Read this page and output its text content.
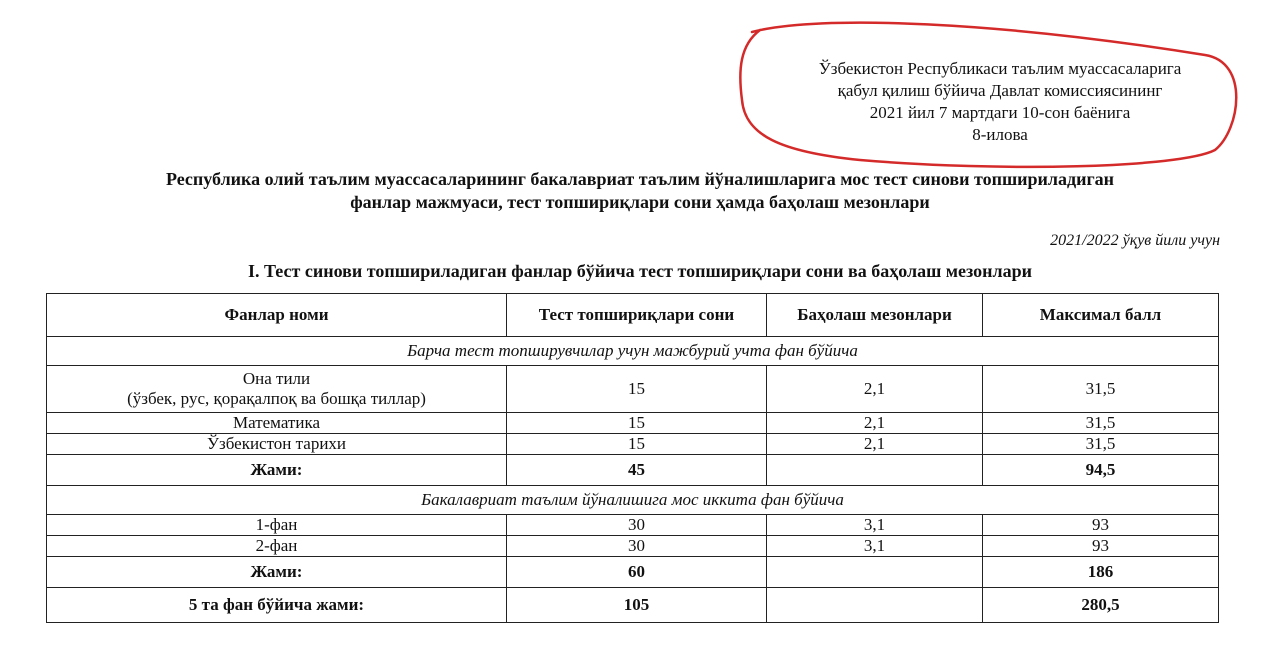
Ўзбекистон Республикаси таълим муассасаларига
қабул қилиш бўйича Давлат комиссиясининг
2021 йил 7 мартдаги 10-сон баёнига
8-илова
Республика олий таълим муассасаларининг бакалавриат таълим йўналишларига мос тест синови топшириладиган
фанлар мажмуаси, тест топшириқлари сони ҳамда баҳолаш мезонлари
2021/2022 ўқув йили учун
I. Тест синови топшириладиган фанлар бўйича тест топшириқлари сони ва баҳолаш мезонлари
Фанлар номи	Тест топшириқлари сони	Баҳолаш мезонлари	Максимал балл
Барча тест топширувчилар учун мажбурий учта фан бўйича			

Она тили
(ўзбек, рус, қорақалпоқ ва бошқа тиллар)	15	2,1	31,5
Математика	15	2,1	31,5
Ўзбекистон тарихи	15	2,1	31,5
Жами:	45		94,5
Бакалавриат таълим йўналишига мос иккита фан бўйича			
1-фан	30	3,1	93
2-фан	30	3,1	93
Жами:	60		186
5 та фан бўйича жами:	105		280,5
